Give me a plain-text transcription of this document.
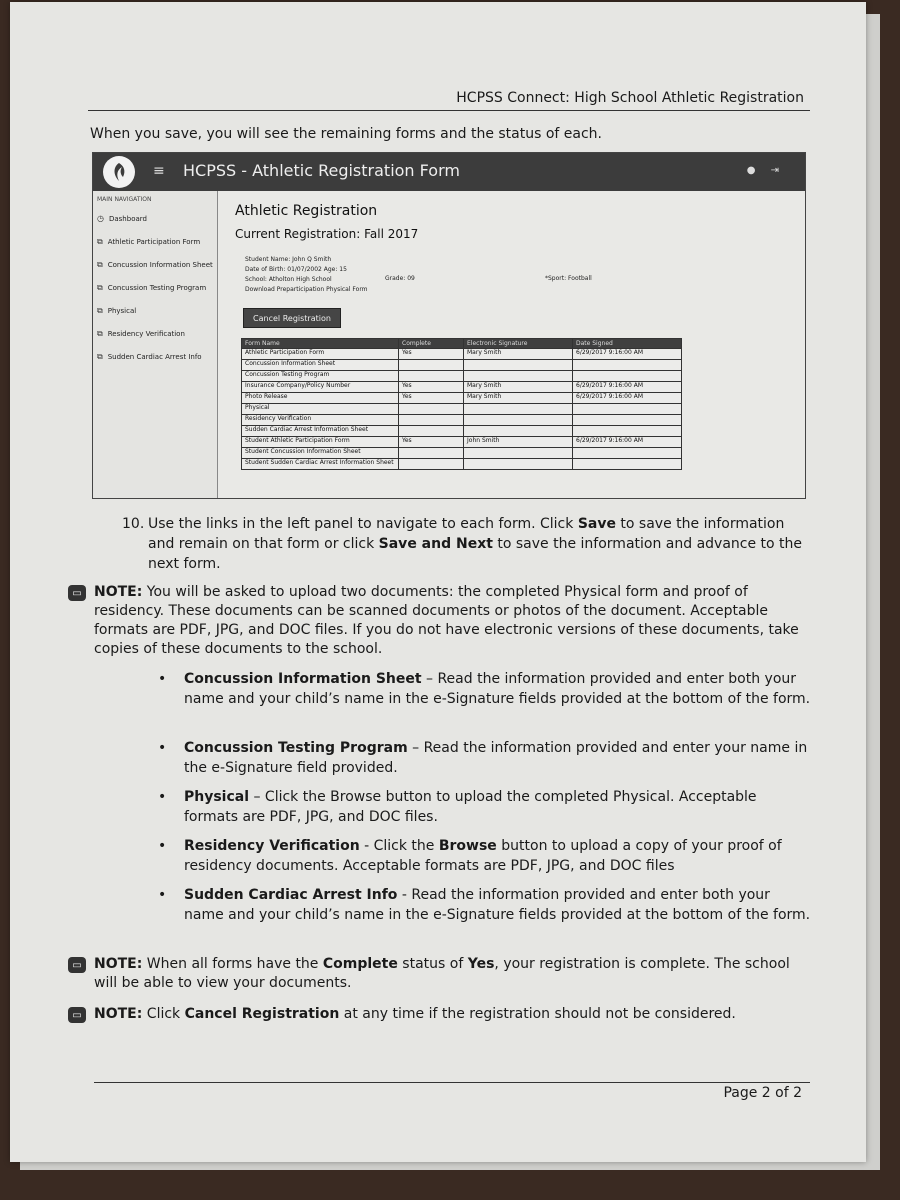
HCPSS Connect: High School Athletic Registration
When you save, you will see the remaining forms and the status of each.
≡ HCPSS - Athletic Registration Form	● ⇥
MAIN NAVIGATION
◷ Dashboard
⧉ Athletic Participation Form
⧉ Concussion Information Sheet
⧉ Concussion Testing Program
⧉ Physical
⧉ Residency Verification
⧉ Sudden Cardiac Arrest Info
Athletic Registration
Current Registration: Fall 2017
Student Name: John Q Smith
Date of Birth: 01/07/2002 Age: 15
School: Atholton High School
Download Preparticipation Physical Form
Grade: 09	*Sport: Football
Cancel Registration
Form Name	Complete	Electronic Signature	Date Signed
Athletic Participation Form	Yes	Mary Smith	6/29/2017 9:16:00 AM
Concussion Information Sheet			
Concussion Testing Program			
Insurance Company/Policy Number	Yes	Mary Smith	6/29/2017 9:16:00 AM
Photo Release	Yes	Mary Smith	6/29/2017 9:16:00 AM
Physical			
Residency Verification			
Sudden Cardiac Arrest Information Sheet			
Student Athletic Participation Form	Yes	John Smith	6/29/2017 9:16:00 AM
Student Concussion Information Sheet			
Student Sudden Cardiac Arrest Information Sheet			
10. Use the links in the left panel to navigate to each form. Click Save to save the information and remain on that form or click Save and Next to save the information and advance to the next form.
▭ NOTE: You will be asked to upload two documents: the completed Physical form and proof of residency. These documents can be scanned documents or photos of the document. Acceptable formats are PDF, JPG, and DOC files. If you do not have electronic versions of these documents, take copies of these documents to the school.
•	Concussion Information Sheet – Read the information provided and enter both your name and your child’s name in the e-Signature fields provided at the bottom of the form.
•	Concussion Testing Program – Read the information provided and enter your name in the e-Signature field provided.
•	Physical – Click the Browse button to upload the completed Physical. Acceptable formats are PDF, JPG, and DOC files.
•	Residency Verification - Click the Browse button to upload a copy of your proof of residency documents. Acceptable formats are PDF, JPG, and DOC files
•	Sudden Cardiac Arrest Info - Read the information provided and enter both your name and your child’s name in the e-Signature fields provided at the bottom of the form.
▭ NOTE: When all forms have the Complete status of Yes, your registration is complete. The school will be able to view your documents.
▭ NOTE: Click Cancel Registration at any time if the registration should not be considered.
Page 2 of 2
